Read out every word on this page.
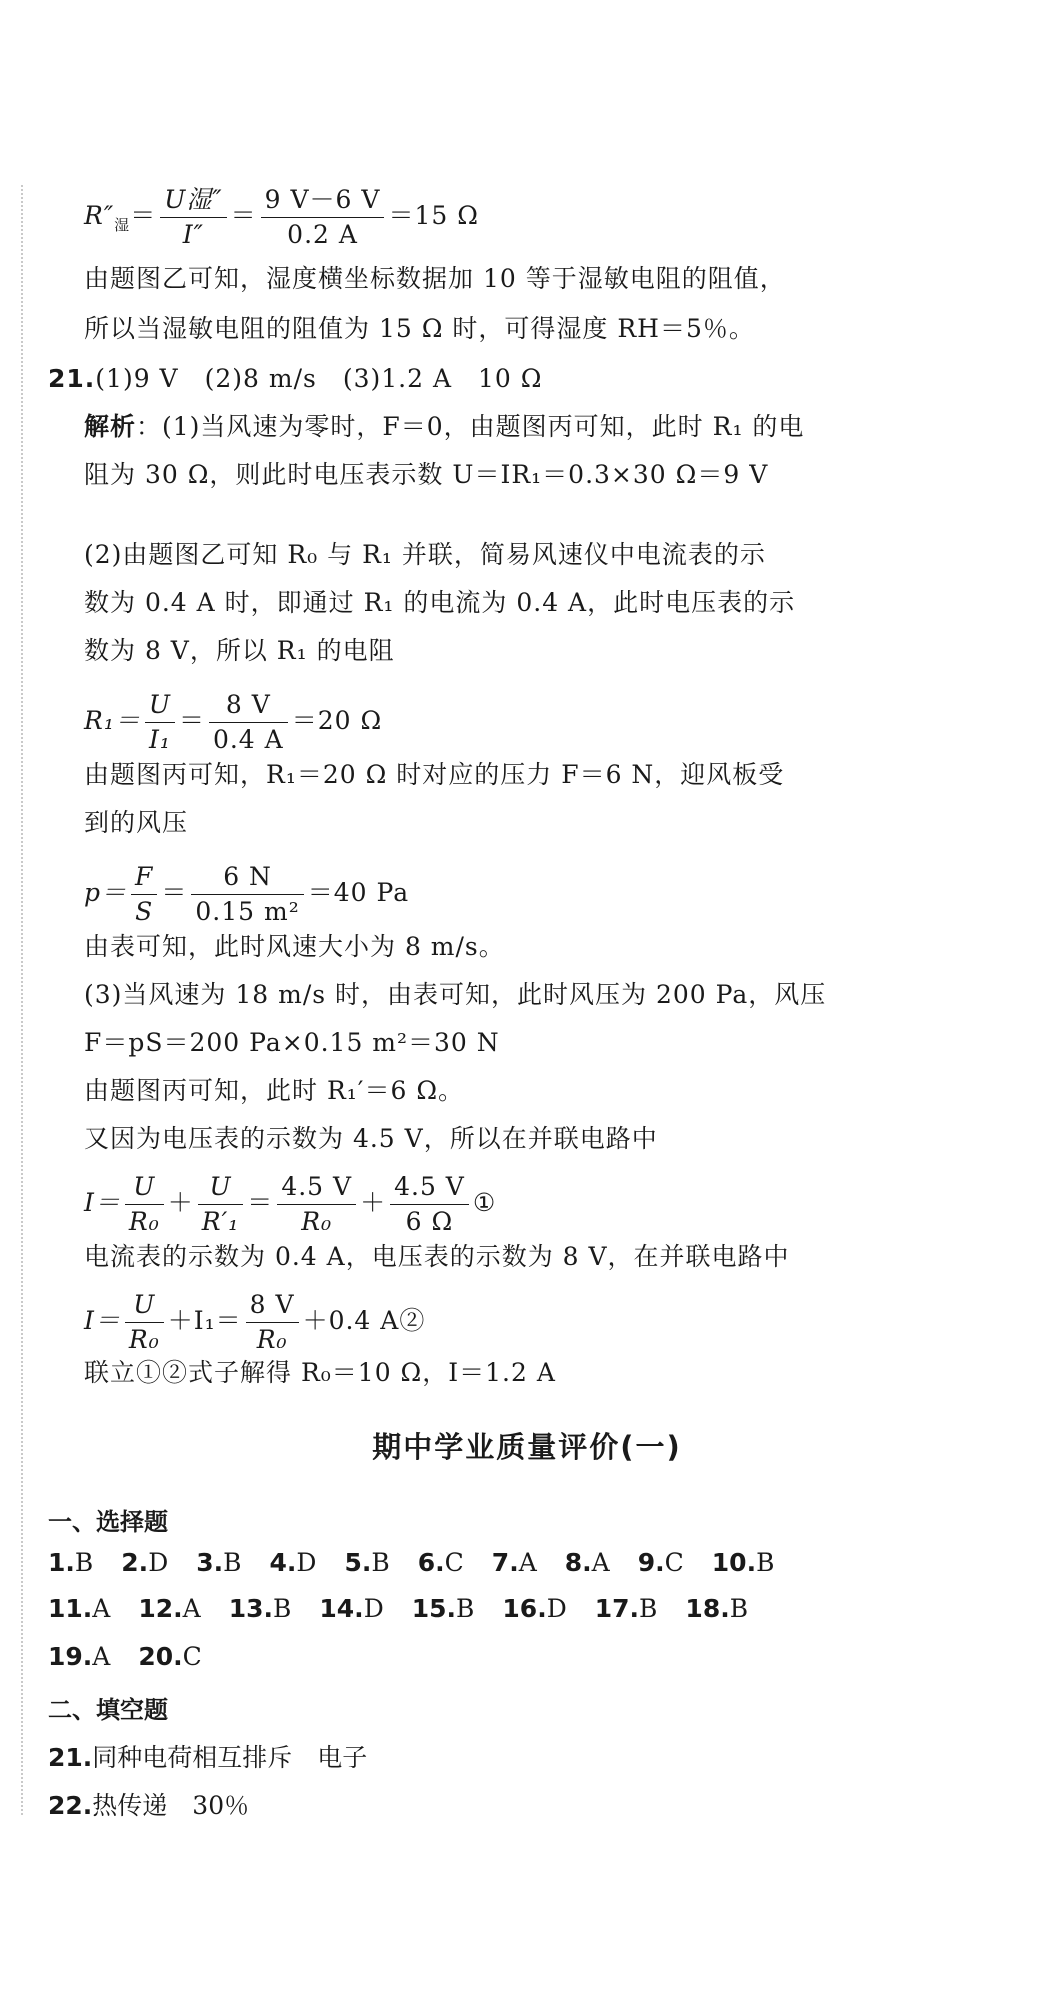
$R''_湿= \frac{\text{U湿″}}{I''} = \frac{9 V-6 V}{0.2 A} =15$ Ω
由题图乙可知，湿度横坐标数据加 10 等于湿敏电阻的阻值，
所以当湿敏电阻的阻值为 15 Ω 时，可得湿度 RH＝5％。
21.(1)9 V　(2)8 m/s　(3)1.2 A　10 Ω
解析：(1)当风速为零时，F＝0，由题图丙可知，此时 R₁ 的电
阻为 30 Ω，则此时电压表示数 U＝IR₁＝0.3×30 Ω＝9 V
(2)由题图乙可知 R₀ 与 R₁ 并联，简易风速仪中电流表的示
数为 0.4 A 时，即通过 R₁ 的电流为 0.4 A，此时电压表的示
数为 8 V，所以 R₁ 的电阻
$R_1= \frac{U}{\text{I₁}} = \frac{8 V}{0.4 A} =20$ Ω
由题图丙可知，R₁＝20 Ω 时对应的压力 F＝6 N，迎风板受
到的风压
$p= \frac{F}{S} = \frac{6 N}{\text{0.15 m²}} =40$ Pa
由表可知，此时风速大小为 8 m/s。
(3)当风速为 18 m/s 时，由表可知，此时风压为 200 Pa，风压
F＝pS＝200 Pa×0.15 m²＝30 N
由题图丙可知，此时 R₁′＝6 Ω。
又因为电压表的示数为 4.5 V，所以在并联电路中
$I= \frac{U}{\text{R₀}} + \frac{U}{\text{R′₁}} = \frac{4.5 V}{\text{R₀}} + \frac{4.5 V}{6 \Omega}$ ①
电流表的示数为 0.4 A，电压表的示数为 8 V，在并联电路中
$I= \frac{U}{\text{R₀}} +I_1= \frac{8 V}{\text{R₀}} +0.4$ A②
联立①②式子解得 R₀＝10 Ω，I＝1.2 A
期中学业质量评价(一)
一、选择题
1.B 2.D 3.B 4.D 5.B 6.C 7.A 8.A 9.C 10.B
11.A 12.A 13.B 14.D 15.B 16.D 17.B 18.B
19.A 20.C
二、填空题
21.同种电荷相互排斥　电子
22.热传递　30％
